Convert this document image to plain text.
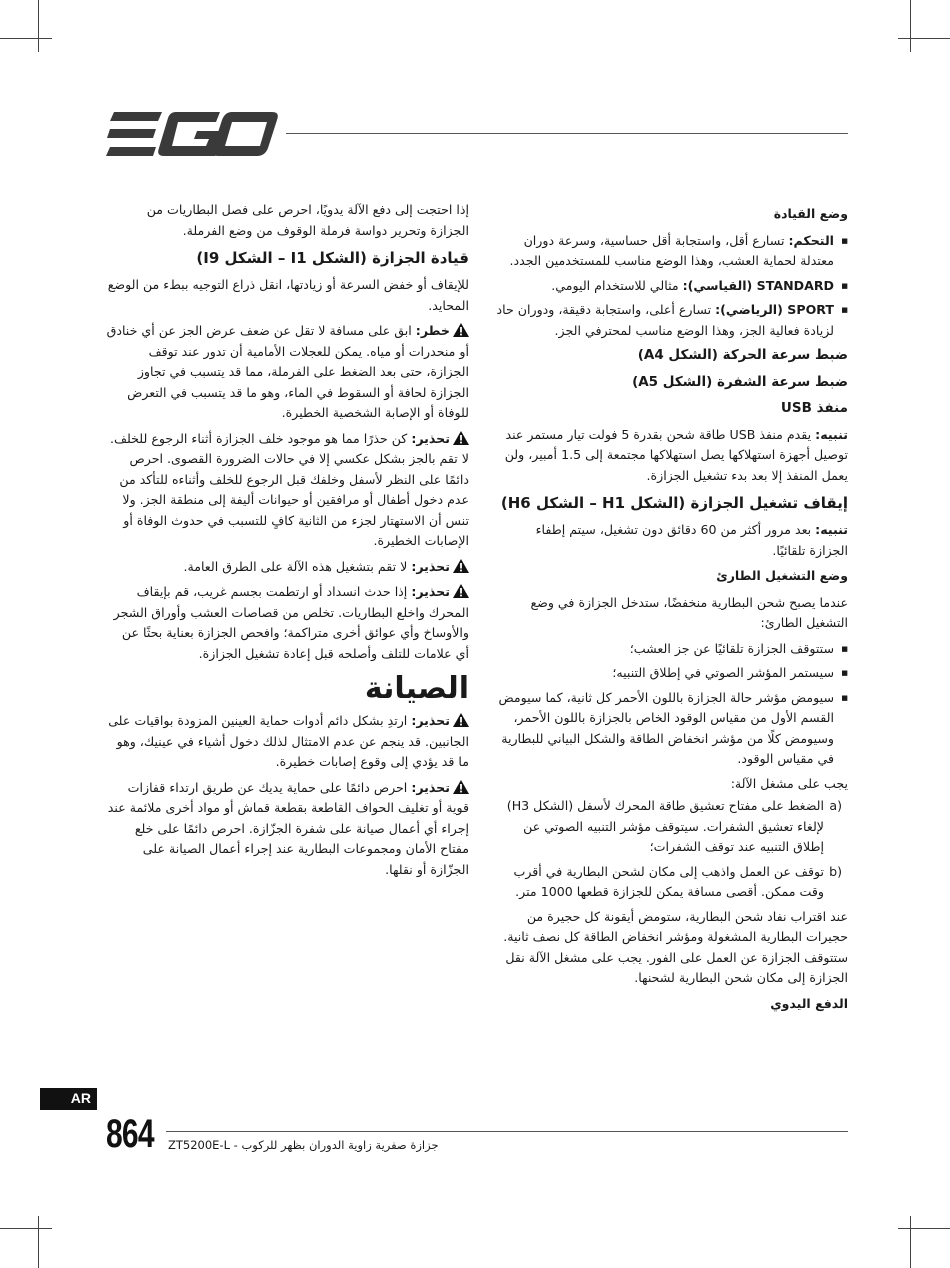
وضع القيادة
■ التحكم: تسارع أقل، واستجابة أقل حساسية، وسرعة دوران معتدلة لحماية العشب، وهذا الوضع مناسب للمستخدمين الجدد.
■ STANDARD (القياسي): مثالي للاستخدام اليومي.
■ SPORT (الرياضي): تسارع أعلى، واستجابة دقيقة، ودوران حاد لزيادة فعالية الجز، وهذا الوضع مناسب لمحترفي الجز.
ضبط سرعة الحركة (الشكل A4)
ضبط سرعة الشفرة (الشكل A5)
منفذ USB

تنبيه: يقدم منفذ USB طاقة شحن بقدرة 5 فولت تيار مستمر عند توصيل أجهزة استهلاكها يصل استهلاكها مجتمعة إلى 1.5 أمبير، ولن يعمل المنفذ إلا بعد بدء تشغيل الجزازة.

إيقاف تشغيل الجزازة (الشكل H1 – الشكل H6)

تنبيه: بعد مرور أكثر من 60 دقائق دون تشغيل، سيتم إطفاء الجزازة تلقائيًا.

وضع التشغيل الطارئ

عندما يصبح شحن البطارية منخفضًا، ستدخل الجزازة في وضع التشغيل الطارئ:

■ ستتوقف الجزازة تلقائيًا عن جز العشب؛
■ سيستمر المؤشر الصوتي في إطلاق التنبيه؛
■ سيومض مؤشر حالة الجزازة باللون الأحمر كل ثانية، كما سيومض القسم الأول من مقياس الوقود الخاص بالجزازة باللون الأحمر، وسيومض كلًا من مؤشر انخفاض الطاقة والشكل البياني للبطارية في مقياس الوقود.

يجب على مشغل الآلة:

a)
الضغط على مفتاح تعشيق طاقة المحرك لأسفل (الشكل H3) لإلغاء تعشيق الشفرات. سيتوقف مؤشر التنبيه الصوتي عن إطلاق التنبيه عند توقف الشفرات؛
b)
توقف عن العمل واذهب إلى مكان لشحن البطارية في أقرب وقت ممكن. أقصى مسافة يمكن للجزازة قطعها 1000 متر.

عند اقتراب نفاد شحن البطارية، ستومض أيقونة كل حجيرة من حجيرات البطارية المشغولة ومؤشر انخفاض الطاقة كل نصف ثانية. ستتوقف الجزازة عن العمل على الفور. يجب على مشغل الآلة نقل الجزازة إلى مكان شحن البطارية لشحنها.

الدفع اليدوي

إذا احتجت إلى دفع الآلة يدويًا، احرص على فصل البطاريات من الجزازة وتحرير دواسة فرملة الوقوف من وضع الفرملة.

قيادة الجزازة (الشكل I1 – الشكل I9)

للإيقاف أو خفض السرعة أو زيادتها، انقل ذراع التوجيه ببطء من الوضع المحايد.

خطر: ابق على مسافة لا تقل عن ضعف عرض الجز عن أي خنادق أو منحدرات أو مياه. يمكن للعجلات الأمامية أن تدور عند توقف الجزازة، حتى بعد الضغط على الفرملة، مما قد يتسبب في تجاوز الجزازة لحافة أو السقوط في الماء، وهو ما قد يتسبب في التعرض للوفاة أو الإصابة الشخصية الخطيرة.

تحذير: كن حذرًا مما هو موجود خلف الجزازة أثناء الرجوع للخلف. لا تقم بالجز بشكل عكسي إلا في حالات الضرورة القصوى. احرص دائمًا على النظر لأسفل وخلفك قبل الرجوع للخلف وأثناءه للتأكد من عدم دخول أطفال أو مرافقين أو حيوانات أليفة إلى منطقة الجز. ولا تنس أن الاستهتار لجزء من الثانية كافٍ للتسبب في حدوث الوفاة أو الإصابات الخطيرة.

تحذير: لا تقم بتشغيل هذه الآلة على الطرق العامة.

تحذير: إذا حدث انسداد أو ارتطمت بجسم غريب، قم بإيقاف المحرك واخلع البطاريات. تخلص من قصاصات العشب وأوراق الشجر والأوساخ وأي عوائق أخرى متراكمة؛ وافحص الجزازة بعناية بحثًا عن أي علامات للتلف وأصلحه قبل إعادة تشغيل الجزازة.

الصيانة

تحذير: ارتدِ بشكل دائم أدوات حماية العينين المزودة بواقيات على الجانبين. قد ينجم عن عدم الامتثال لذلك دخول أشياء في عينيك، وهو ما قد يؤدي إلى وقوع إصابات خطيرة.

تحذير: احرص دائمًا على حماية يديك عن طريق ارتداء قفازات قوية أو تغليف الحواف القاطعة بقطعة قماش أو مواد أخرى ملائمة عند إجراء أي أعمال صيانة على شفرة الجزّازة. احرص دائمًا على خلع مفتاح الأمان ومجموعات البطارية عند إجراء أعمال الصيانة على الجزّازة أو نقلها.

AR
864 ZT5200E-L - جزازة صفرية زاوية الدوران بظهر للركوب
